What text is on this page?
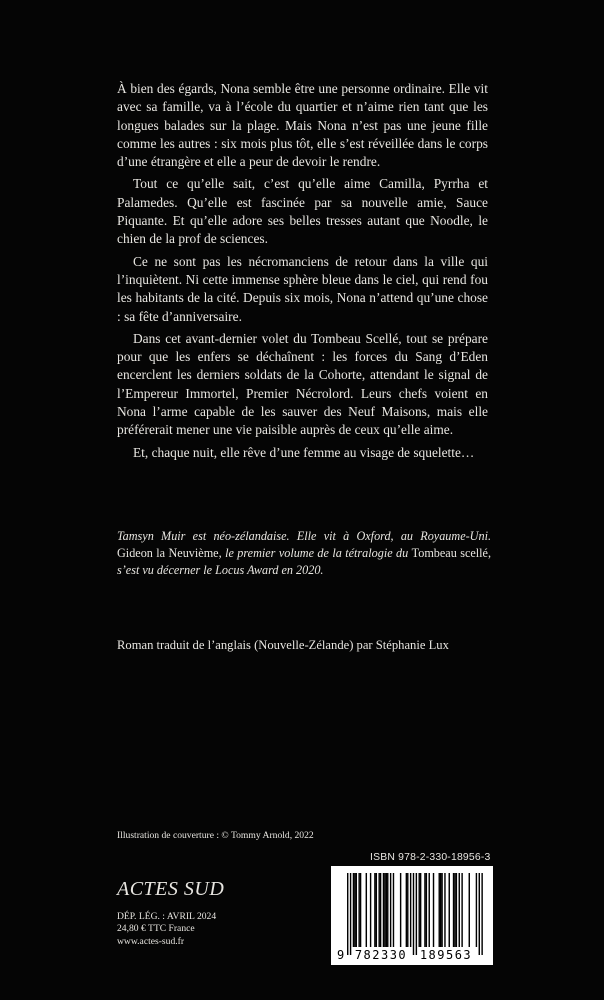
À bien des égards, Nona semble être une personne ordinaire. Elle vit avec sa famille, va à l’école du quartier et n’aime rien tant que les longues balades sur la plage. Mais Nona n’est pas une jeune fille comme les autres : six mois plus tôt, elle s’est réveillée dans le corps d’une étrangère et elle a peur de devoir le rendre.

Tout ce qu’elle sait, c’est qu’elle aime Camilla, Pyrrha et Palamedes. Qu’elle est fascinée par sa nouvelle amie, Sauce Piquante. Et qu’elle adore ses belles tresses autant que Noodle, le chien de la prof de sciences.

Ce ne sont pas les nécromanciens de retour dans la ville qui l’inquiètent. Ni cette immense sphère bleue dans le ciel, qui rend fou les habitants de la cité. Depuis six mois, Nona n’attend qu’une chose : sa fête d’anniversaire.

Dans cet avant-dernier volet du Tombeau Scellé, tout se prépare pour que les enfers se déchaînent : les forces du Sang d’Eden encerclent les derniers soldats de la Cohorte, attendant le signal de l’Empereur Immortel, Premier Nécrolord. Leurs chefs voient en Nona l’arme capable de les sauver des Neuf Maisons, mais elle préférerait mener une vie paisible auprès de ceux qu’elle aime.

Et, chaque nuit, elle rêve d’une femme au visage de squelette…

Tamsyn Muir est néo-zélandaise. Elle vit à Oxford, au Royaume-Uni. Gideon la Neuvième, le premier volume de la tétralogie du Tombeau scellé, s’est vu décerner le Locus Award en 2020.
Roman traduit de l’anglais (Nouvelle-Zélande) par Stéphanie Lux
Illustration de couverture : © Tommy Arnold, 2022
ISBN 978-2-330-18956-3
9 782330 189563
ACTES SUD
DÉP. LÉG. : AVRIL 2024
24,80 € TTC France
www.actes-sud.fr
